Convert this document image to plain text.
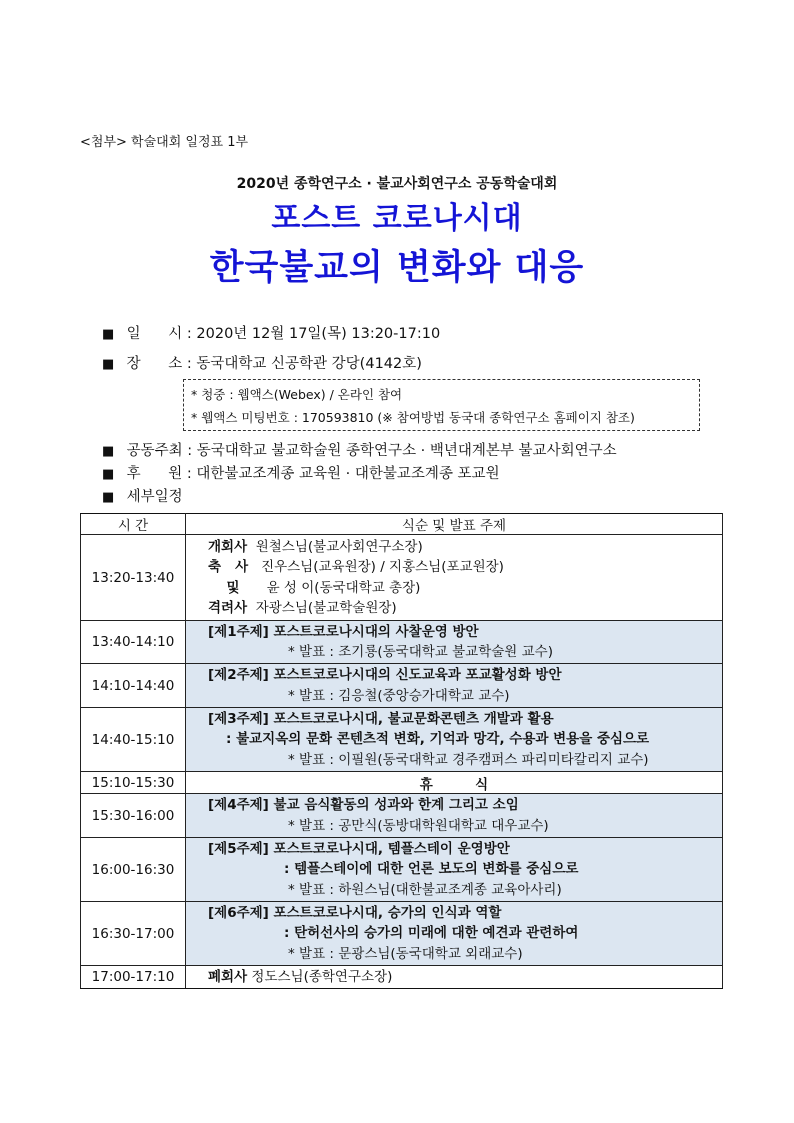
<첨부> 학술대회 일정표 1부
2020년 종학연구소 · 불교사회연구소 공동학술대회
포스트 코로나시대
한국불교의 변화와 대응
■ 일      시 : 2020년 12월 17일(목) 13:20-17:10
■ 장      소 : 동국대학교 신공학관 강당(4142호)
* 청중 : 웹액스(Webex) / 온라인 참여
* 웹액스 미팅번호 : 170593810 (※ 참여방법 동국대 종학연구소 홈페이지 참조)
■ 공동주최 : 동국대학교 불교학술원 종학연구소 · 백년대계본부 불교사회연구소
■ 후      원 : 대한불교조계종 교육원 · 대한불교조계종 포교원
■ 세부일정
시 간	식순 및 발표 주제
13:20-13:40	개회사 원철스님(불교사회연구소장)
축   사 진우스님(교육원장) / 지홍스님(포교원장)
및 윤 성 이(동국대학교 총장)
격려사 자광스님(불교학술원장)

13:40-14:10	[제1주제] 포스트코로나시대의 사찰운영 방안
* 발표 : 조기룡(동국대학교 불교학술원 교수)

14:10-14:40	[제2주제] 포스트코로나시대의 신도교육과 포교활성화 방안
* 발표 : 김응철(중앙승가대학교 교수)

14:40-15:10	[제3주제] 포스트코로나시대, 불교문화콘텐츠 개발과 활용
: 불교지옥의 문화 콘텐츠적 변화, 기억과 망각, 수용과 변용을 중심으로
* 발표 : 이필원(동국대학교 경주캠퍼스 파리미타칼리지 교수)

15:10-15:30	휴         식
15:30-16:00	[제4주제] 불교 음식활동의 성과와 한계 그리고 소임
* 발표 : 공만식(동방대학원대학교 대우교수)

16:00-16:30	[제5주제] 포스트코로나시대, 템플스테이 운영방안
: 템플스테이에 대한 언론 보도의 변화를 중심으로
* 발표 : 하원스님(대한불교조계종 교육아사리)

16:30-17:00	[제6주제] 포스트코로나시대, 승가의 인식과 역할
: 탄허선사의 승가의 미래에 대한 예견과 관련하여
* 발표 : 문광스님(동국대학교 외래교수)

17:00-17:10	폐회사 정도스님(종학연구소장)
